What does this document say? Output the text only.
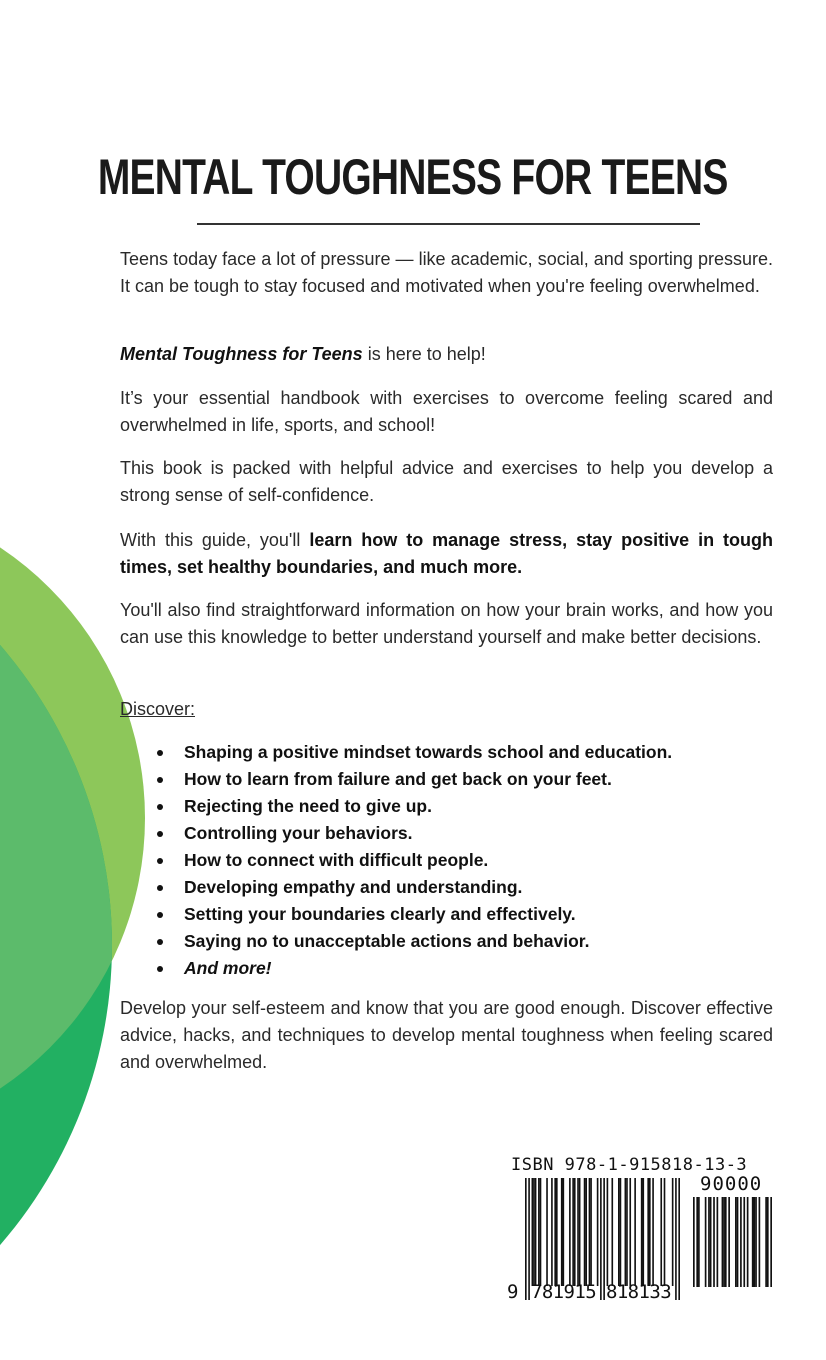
MENTAL TOUGHNESS FOR TEENS

Teens today face a lot of pressure — like academic, social, and sporting pressure. It can be tough to stay focused and motivated when you're feeling overwhelmed.

Mental Toughness for Teens is here to help!

It’s your essential handbook with exercises to overcome feeling scared and overwhelmed in life, sports, and school!

This book is packed with helpful advice and exercises to help you develop a strong sense of self-confidence.

With this guide, you'll learn how to manage stress, stay positive in tough times, set healthy boundaries, and much more.

You'll also find straightforward information on how your brain works, and how you can use this knowledge to better understand yourself and make better decisions.

Discover:

Shaping a positive mindset towards school and education.
How to learn from failure and get back on your feet.
Rejecting the need to give up.
Controlling your behaviors.
How to connect with difficult people.
Developing empathy and understanding.
Setting your boundaries clearly and effectively.
Saying no to unacceptable actions and behavior.
And more!

Develop your self-esteem and know that you are good enough. Discover effective advice, hacks, and techniques to develop mental toughness when feeling scared and overwhelmed.

ISBN 978-1-915818-13-3
90000
9 781915 818133
